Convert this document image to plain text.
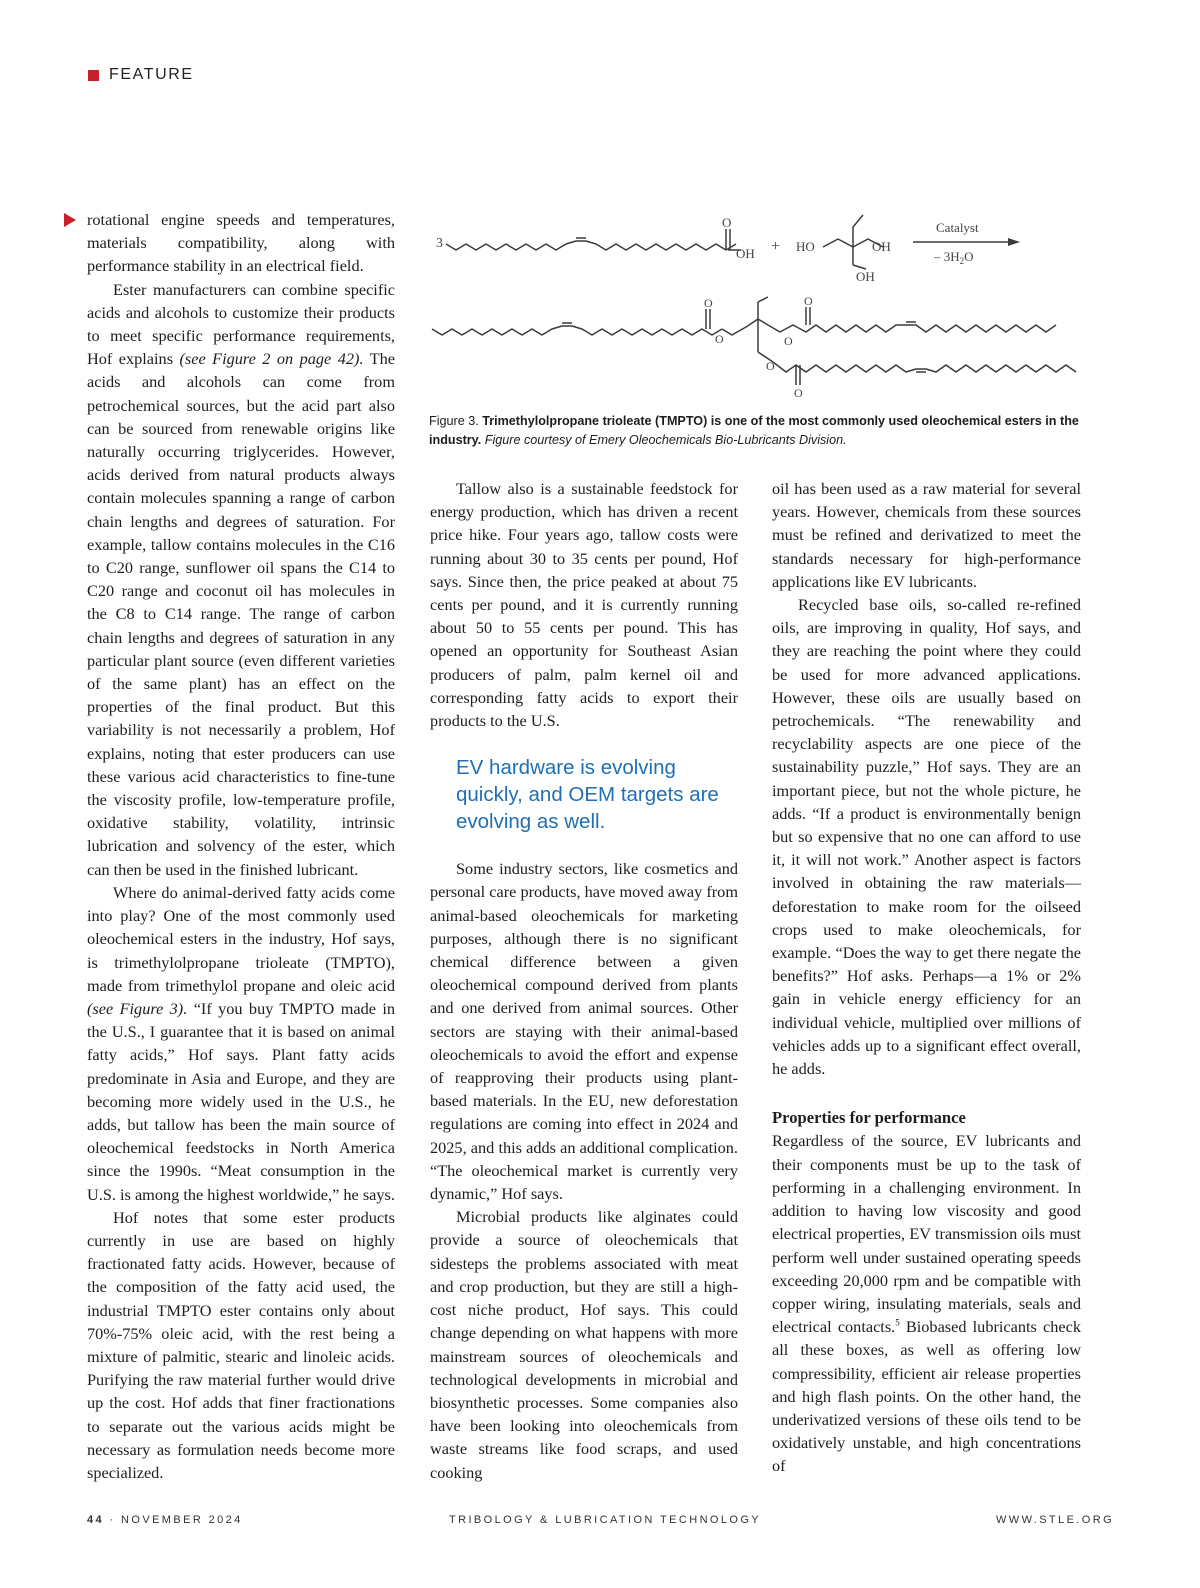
FEATURE
3
O
OH + HO	OH
OH
Catalyst
– $3H_2O$
O
O
O
O
O
O
Figure 3. Trimethylolpropane trioleate (TMPTO) is one of the most commonly used oleochemical esters in the industry. Figure courtesy of Emery Oleochemicals Bio-Lubricants Division.

rotational engine speeds and temperatures, materials compatibility, along with performance stability in an electrical field.

Ester manufacturers can combine specific acids and alcohols to customize their products to meet specific performance requirements, Hof explains (see Figure 2 on page 42). The acids and alcohols can come from petrochemical sources, but the acid part also can be sourced from renewable origins like naturally occurring triglycerides. However, acids derived from natural products always contain molecules spanning a range of carbon chain lengths and degrees of saturation. For example, tallow contains molecules in the C16 to C20 range, sunflower oil spans the C14 to C20 range and coconut oil has molecules in the C8 to C14 range. The range of carbon chain lengths and degrees of saturation in any particular plant source (even different varieties of the same plant) has an effect on the properties of the final product. But this variability is not necessarily a problem, Hof explains, noting that ester producers can use these various acid characteristics to fine-tune the viscosity profile, low-temperature profile, oxidative stability, volatility, intrinsic lubrication and solvency of the ester, which can then be used in the finished lubricant.

Where do animal-derived fatty acids come into play? One of the most commonly used oleochemical esters in the industry, Hof says, is trimethylolpropane trioleate (TMPTO), made from trimethylol propane and oleic acid (see Figure 3). “If you buy TMPTO made in the U.S., I guarantee that it is based on animal fatty acids,” Hof says. Plant fatty acids predominate in Asia and Europe, and they are becoming more widely used in the U.S., he adds, but tallow has been the main source of oleochemical feedstocks in North America since the 1990s. “Meat consumption in the U.S. is among the highest worldwide,” he says.

Hof notes that some ester products currently in use are based on highly fractionated fatty acids. However, because of the composition of the fatty acid used, the industrial TMPTO ester contains only about 70%-75% oleic acid, with the rest being a mixture of palmitic, stearic and linoleic acids. Purifying the raw material further would drive up the cost. Hof adds that finer fractionations to separate out the various acids might be necessary as formulation needs become more specialized.

Tallow also is a sustainable feedstock for energy production, which has driven a recent price hike. Four years ago, tallow costs were running about 30 to 35 cents per pound, Hof says. Since then, the price peaked at about 75 cents per pound, and it is currently running about 50 to 55 cents per pound. This has opened an opportunity for Southeast Asian producers of palm, palm kernel oil and corresponding fatty acids to export their products to the U.S.

EV hardware is evolving quickly, and OEM targets are evolving as well.

Some industry sectors, like cosmetics and personal care products, have moved away from animal-based oleochemicals for marketing purposes, although there is no significant chemical difference between a given oleochemical compound derived from plants and one derived from animal sources. Other sectors are staying with their animal-based oleochemicals to avoid the effort and expense of reapproving their products using plant-based materials. In the EU, new deforestation regulations are coming into effect in 2024 and 2025, and this adds an additional complication. “The oleochemical market is currently very dynamic,” Hof says.

Microbial products like alginates could provide a source of oleochemicals that sidesteps the problems associated with meat and crop production, but they are still a high-cost niche product, Hof says. This could change depending on what happens with more mainstream sources of oleochemicals and technological developments in microbial and biosynthetic processes. Some companies also have been looking into oleochemicals from waste streams like food scraps, and used cooking

oil has been used as a raw material for several years. However, chemicals from these sources must be refined and derivatized to meet the standards necessary for high-performance applications like EV lubricants.

Recycled base oils, so-called re-refined oils, are improving in quality, Hof says, and they are reaching the point where they could be used for more advanced applications. However, these oils are usually based on petrochemicals. “The renewability and recyclability aspects are one piece of the sustainability puzzle,” Hof says. They are an important piece, but not the whole picture, he adds. “If a product is environmentally benign but so expensive that no one can afford to use it, it will not work.” Another aspect is factors involved in obtaining the raw materials—deforestation to make room for the oilseed crops used to make oleochemicals, for example. “Does the way to get there negate the benefits?” Hof asks. Perhaps—a 1% or 2% gain in vehicle energy efficiency for an individual vehicle, multiplied over millions of vehicles adds up to a significant effect overall, he adds.

Properties for performance

Regardless of the source, EV lubricants and their components must be up to the task of performing in a challenging environment. In addition to having low viscosity and good electrical properties, EV transmission oils must perform well under sustained operating speeds exceeding 20,000 rpm and be compatible with copper wiring, insulating materials, seals and electrical contacts.$^5$ Biobased lubricants check all these boxes, as well as offering low compressibility, efficient air release properties and high flash points. On the other hand, the underivatized versions of these oils tend to be oxidatively unstable, and high concentrations of

44 · NOVEMBER 2024	TRIBOLOGY & LUBRICATION TECHNOLOGY	WWW.STLE.ORG
